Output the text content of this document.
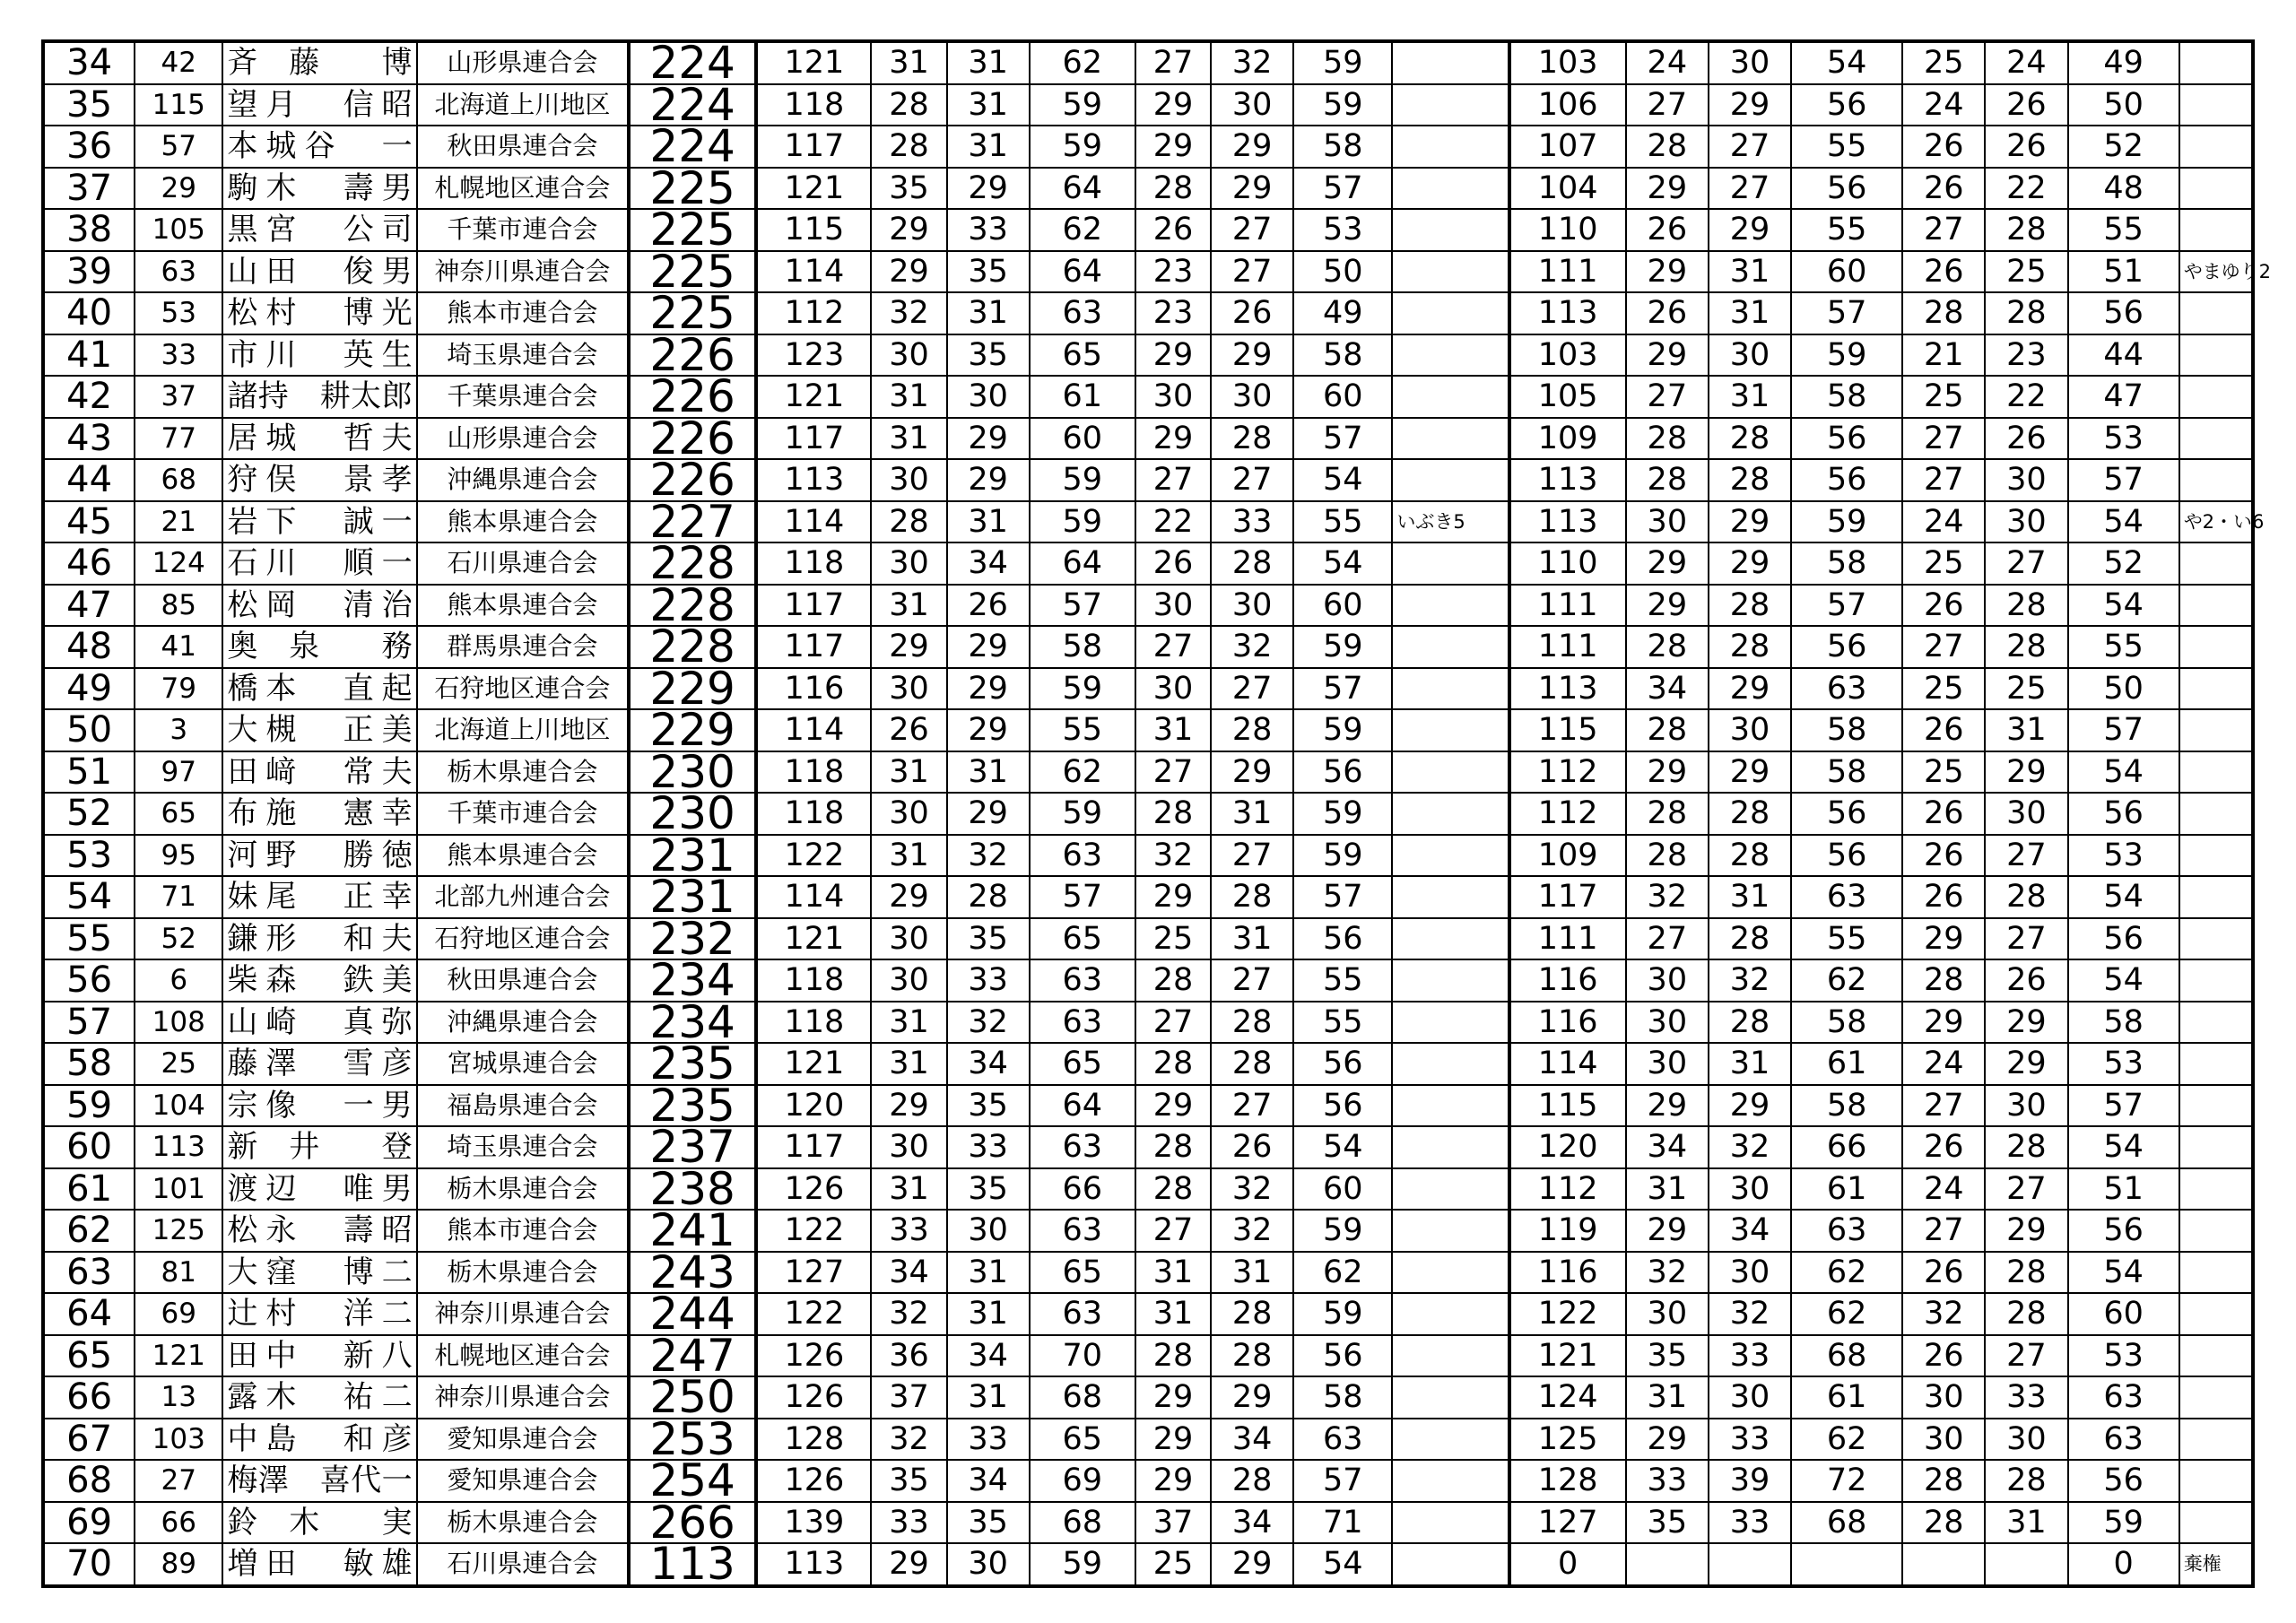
34	42	斉　藤　　博	山形県連合会	224	121	31	31	62	27	32	59		103	24	30	54	25	24	49	
35	115	望月　信昭	北海道上川地区	224	118	28	31	59	29	30	59		106	27	29	56	24	26	50	
36	57	本城谷　一	秋田県連合会	224	117	28	31	59	29	29	58		107	28	27	55	26	26	52	
37	29	駒木　壽男	札幌地区連合会	225	121	35	29	64	28	29	57		104	29	27	56	26	22	48	
38	105	黒宮　公司	千葉市連合会	225	115	29	33	62	26	27	53		110	26	29	55	27	28	55	
39	63	山田　俊男	神奈川県連合会	225	114	29	35	64	23	27	50		111	29	31	60	26	25	51	やまゆり2
40	53	松村　博光	熊本市連合会	225	112	32	31	63	23	26	49		113	26	31	57	28	28	56	
41	33	市川　英生	埼玉県連合会	226	123	30	35	65	29	29	58		103	29	30	59	21	23	44	
42	37	諸持　耕太郎	千葉県連合会	226	121	31	30	61	30	30	60		105	27	31	58	25	22	47	
43	77	居城　哲夫	山形県連合会	226	117	31	29	60	29	28	57		109	28	28	56	27	26	53	
44	68	狩俣　景孝	沖縄県連合会	226	113	30	29	59	27	27	54		113	28	28	56	27	30	57	
45	21	岩下　誠一	熊本県連合会	227	114	28	31	59	22	33	55	いぶき5	113	30	29	59	24	30	54	や2・い6
46	124	石川　順一	石川県連合会	228	118	30	34	64	26	28	54		110	29	29	58	25	27	52	
47	85	松岡　清治	熊本県連合会	228	117	31	26	57	30	30	60		111	29	28	57	26	28	54	
48	41	奥　泉　　務	群馬県連合会	228	117	29	29	58	27	32	59		111	28	28	56	27	28	55	
49	79	橋本　直起	石狩地区連合会	229	116	30	29	59	30	27	57		113	34	29	63	25	25	50	
50	3	大槻　正美	北海道上川地区	229	114	26	29	55	31	28	59		115	28	30	58	26	31	57	
51	97	田﨑　常夫	栃木県連合会	230	118	31	31	62	27	29	56		112	29	29	58	25	29	54	
52	65	布施　憲幸	千葉市連合会	230	118	30	29	59	28	31	59		112	28	28	56	26	30	56	
53	95	河野　勝徳	熊本県連合会	231	122	31	32	63	32	27	59		109	28	28	56	26	27	53	
54	71	妹尾　正幸	北部九州連合会	231	114	29	28	57	29	28	57		117	32	31	63	26	28	54	
55	52	鎌形　和夫	石狩地区連合会	232	121	30	35	65	25	31	56		111	27	28	55	29	27	56	
56	6	柴森　鉄美	秋田県連合会	234	118	30	33	63	28	27	55		116	30	32	62	28	26	54	
57	108	山崎　真弥	沖縄県連合会	234	118	31	32	63	27	28	55		116	30	28	58	29	29	58	
58	25	藤澤　雪彦	宮城県連合会	235	121	31	34	65	28	28	56		114	30	31	61	24	29	53	
59	104	宗像　一男	福島県連合会	235	120	29	35	64	29	27	56		115	29	29	58	27	30	57	
60	113	新　井　　登	埼玉県連合会	237	117	30	33	63	28	26	54		120	34	32	66	26	28	54	
61	101	渡辺　唯男	栃木県連合会	238	126	31	35	66	28	32	60		112	31	30	61	24	27	51	
62	125	松永　壽昭	熊本市連合会	241	122	33	30	63	27	32	59		119	29	34	63	27	29	56	
63	81	大窪　博二	栃木県連合会	243	127	34	31	65	31	31	62		116	32	30	62	26	28	54	
64	69	辻村　洋二	神奈川県連合会	244	122	32	31	63	31	28	59		122	30	32	62	32	28	60	
65	121	田中　新八	札幌地区連合会	247	126	36	34	70	28	28	56		121	35	33	68	26	27	53	
66	13	露木　祐二	神奈川県連合会	250	126	37	31	68	29	29	58		124	31	30	61	30	33	63	
67	103	中島　和彦	愛知県連合会	253	128	32	33	65	29	34	63		125	29	33	62	30	30	63	
68	27	梅澤　喜代一	愛知県連合会	254	126	35	34	69	29	28	57		128	33	39	72	28	28	56	
69	66	鈴　木　　実	栃木県連合会	266	139	33	35	68	37	34	71		127	35	33	68	28	31	59	
70	89	増田　敏雄	石川県連合会	113	113	29	30	59	25	29	54		0						0	棄権
